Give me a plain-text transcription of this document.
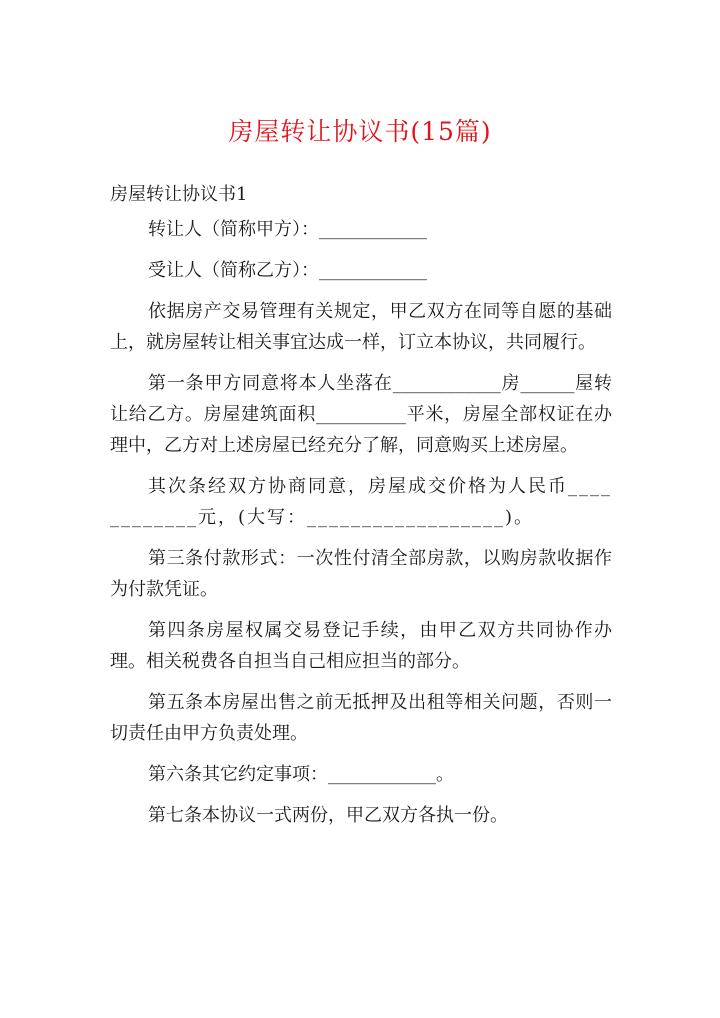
房屋转让协议书(15篇)

房屋转让协议书1

转让人（简称甲方）：____________

受让人（简称乙方）：____________

依据房产交易管理有关规定，甲乙双方在同等自愿的基础上，就房屋转让相关事宜达成一样，订立本协议，共同履行。

第一条甲方同意将本人坐落在____________房______屋转让给乙方。房屋建筑面积__________平米，房屋全部权证在办理中，乙方对上述房屋已经充分了解，同意购买上述房屋。

其次条经双方协商同意，房屋成交价格为人民币____________元，(大写：__________________)。

第三条付款形式：一次性付清全部房款，以购房款收据作为付款凭证。

第四条房屋权属交易登记手续，由甲乙双方共同协作办理。相关税费各自担当自己相应担当的部分。

第五条本房屋出售之前无抵押及出租等相关问题，否则一切责任由甲方负责处理。

第六条其它约定事项：____________。

第七条本协议一式两份，甲乙双方各执一份。
